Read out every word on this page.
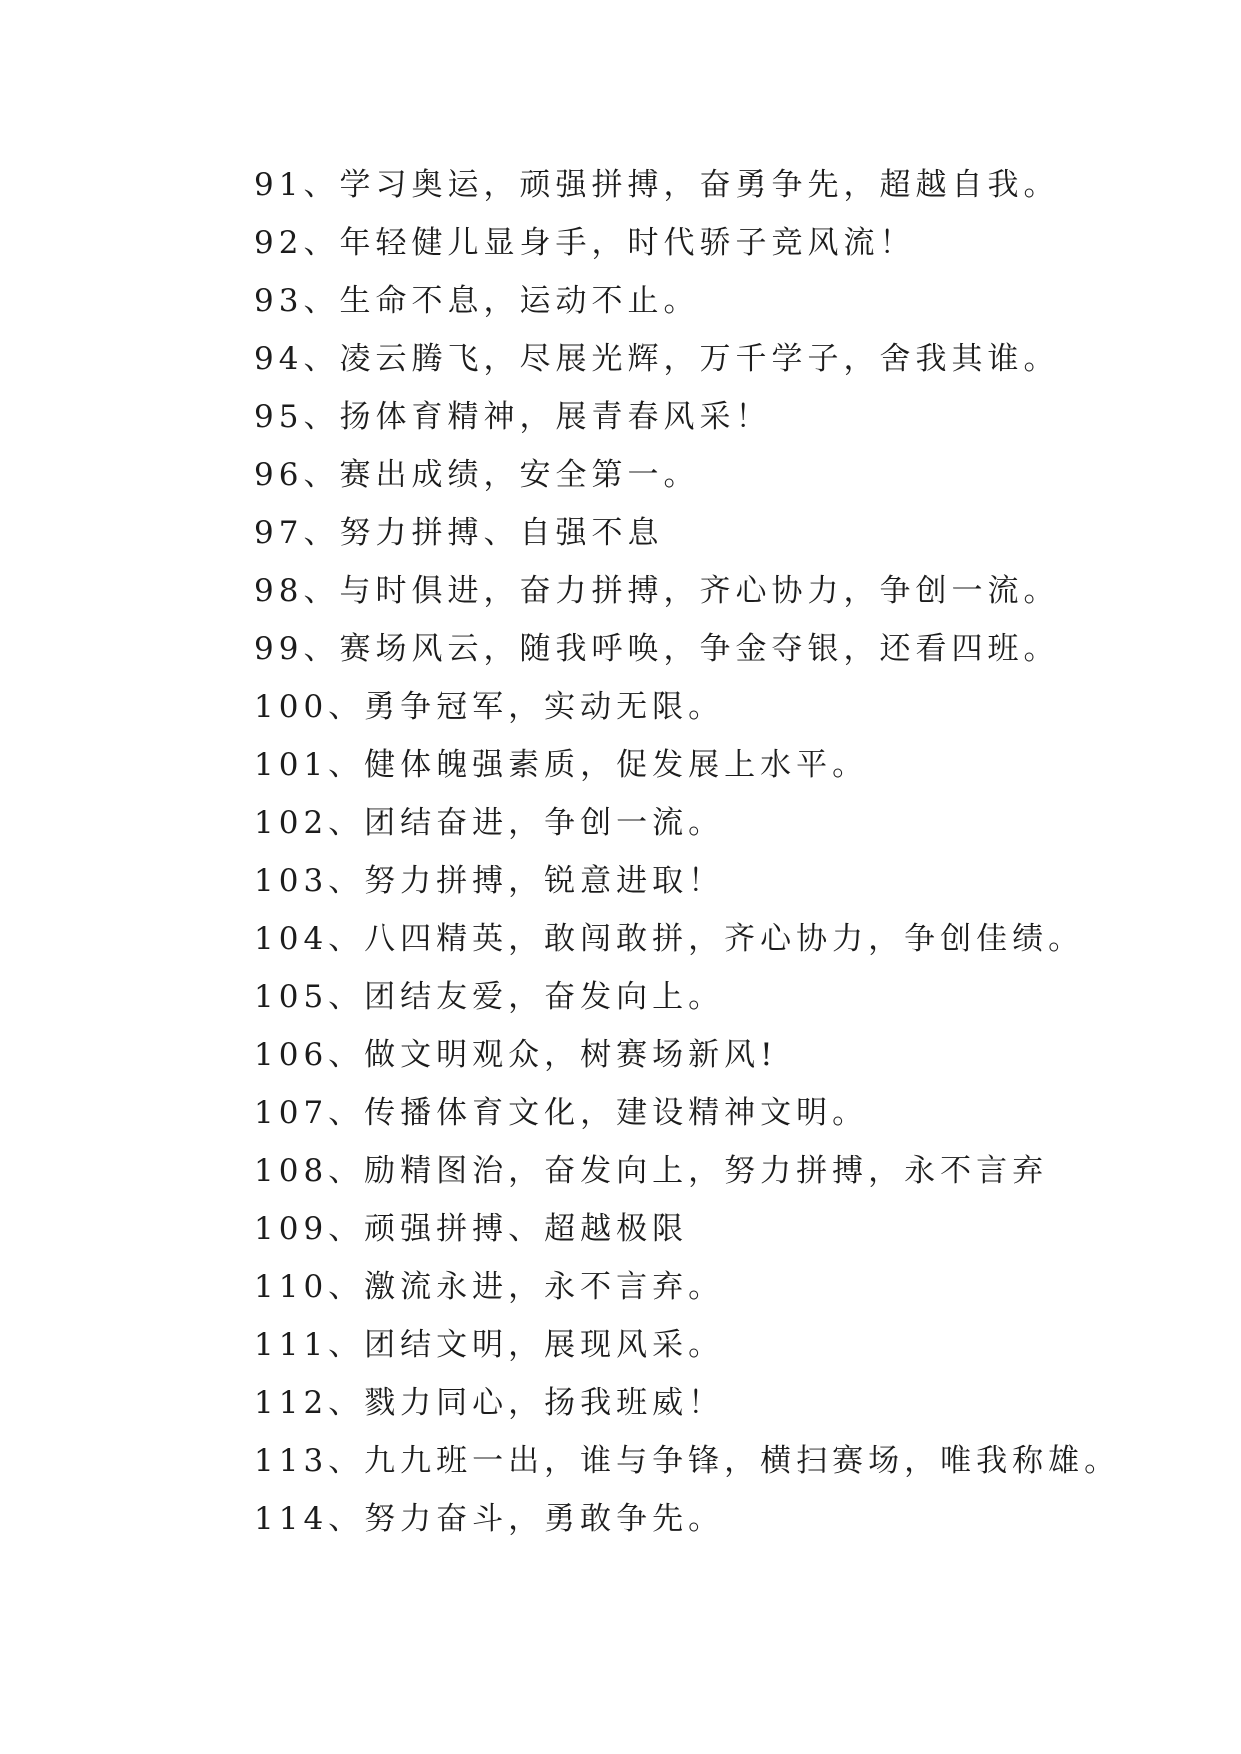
91、学习奥运，顽强拼搏，奋勇争先，超越自我。
92、年轻健儿显身手，时代骄子竞风流！
93、生命不息，运动不止。
94、凌云腾飞，尽展光辉，万千学子，舍我其谁。
95、扬体育精神，展青春风采！
96、赛出成绩，安全第一。
97、努力拼搏、自强不息
98、与时俱进，奋力拼搏，齐心协力，争创一流。
99、赛场风云，随我呼唤，争金夺银，还看四班。
100、勇争冠军，实动无限。
101、健体魄强素质，促发展上水平。
102、团结奋进，争创一流。
103、努力拼搏，锐意进取！
104、八四精英，敢闯敢拼，齐心协力，争创佳绩。
105、团结友爱，奋发向上。
106、做文明观众，树赛场新风!
107、传播体育文化，建设精神文明。
108、励精图治，奋发向上，努力拼搏，永不言弃
109、顽强拼搏、超越极限
110、激流永进，永不言弃。
111、团结文明，展现风采。
112、戮力同心，扬我班威！
113、九九班一出，谁与争锋，横扫赛场，唯我称雄。
114、努力奋斗，勇敢争先。
